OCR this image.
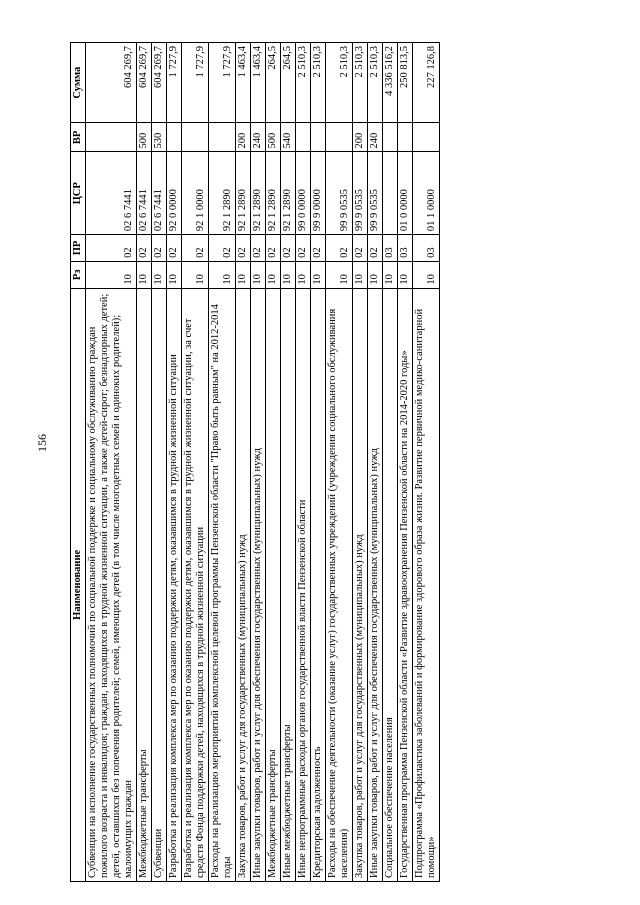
156
Наименование	Рз	ПР	ЦСР	ВР	Сумма
Субвенции на исполнение государственных полномочий по социальной поддержке и социальному обслуживанию граждан пожилого возраста и инвалидов; граждан, находящихся в трудной жизненной ситуации, а также детей-сирот; безнадзорных детей; детей, оставшихся без попечения родителей; семей, имеющих детей (в том числе многодетных семей и одиноких родителей); малоимущих граждан	10	02	02 6 7441		604 269,7
Межбюджетные трансферты	10	02	02 6 7441	500	604 269,7
Субвенции	10	02	02 6 7441	530	604 269,7
Разработка и реализация комплекса мер по оказанию поддержки детям, оказавшимся в трудной жизненной ситуации	10	02	92 0 0000		1 727,9
Разработка и реализация комплекса мер по оказанию поддержки детям, оказавшимся в трудной жизненной ситуации, за счет средств Фонда поддержки детей, находящихся в трудной жизненной ситуации	10	02	92 1 0000		1 727,9
Расходы на реализацию мероприятий комплексной целевой программы Пензенской области "Право быть равным" на 2012-2014 годы	10	02	92 1 2890		1 727,9
Закупка товаров, работ и услуг для государственных (муниципальных) нужд	10	02	92 1 2890	200	1 463,4
Иные закупки товаров, работ и услуг для обеспечения государственных (муниципальных) нужд	10	02	92 1 2890	240	1 463,4
Межбюджетные трансферты	10	02	92 1 2890	500	264,5
Иные межбюджетные трансферты	10	02	92 1 2890	540	264,5
Иные непрограммные расходы органов государственной власти Пензенской области	10	02	99 0 0000		2 510,3
Кредиторская задолженность	10	02	99 9 0000		2 510,3
Расходы на обеспечение деятельности (оказание услуг) государственных учреждений (учреждения социального обслуживания населения)	10	02	99 9 0535		2 510,3
Закупка товаров, работ и услуг для государственных (муниципальных) нужд	10	02	99 9 0535	200	2 510,3
Иные закупки товаров, работ и услуг для обеспечения государственных (муниципальных) нужд	10	02	99 9 0535	240	2 510,3
Социальное обеспечение населения	10	03			4 336 516,2
Государственная программа Пензенской области «Развитие здравоохранения Пензенской области на 2014-2020 годы»	10	03	01 0 0000		250 813,5
Подпрограмма «Профилактика заболеваний и формирование здорового образа жизни. Развитие первичной медико-санитарной помощи»	10	03	01 1 0000		227 126,8
